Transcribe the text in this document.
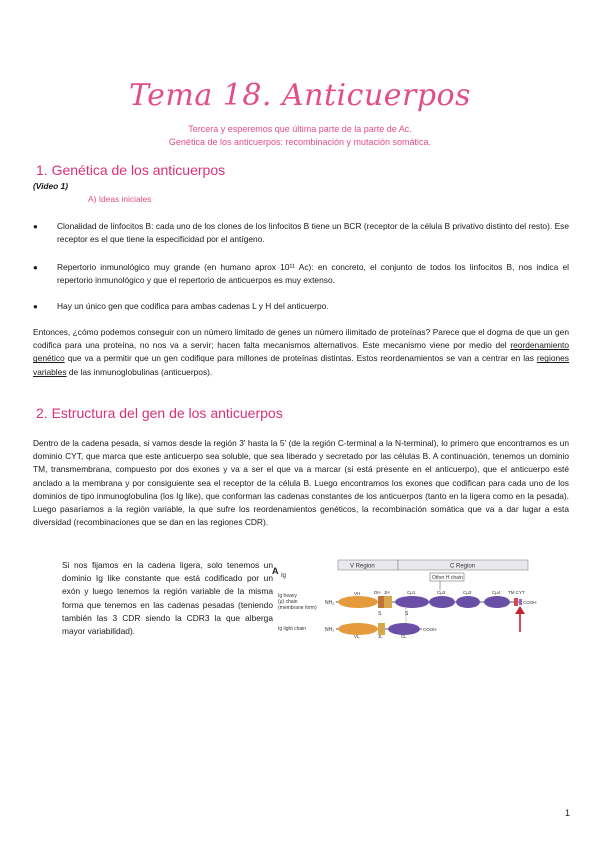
Tema 18. Anticuerpos
Tercera y esperemos que última parte de la parte de Ac.
Genética de los anticuerpos: recombinación y mutación somática.
1. Genética de los anticuerpos
(Video 1)
A) Ideas iniciales
● Clonalidad de linfocitos B: cada uno de los clones de los linfocitos B tiene un BCR (receptor de la célula B privativo distinto del resto). Ese receptor es el que tiene la especificidad por el antígeno.
● Repertorio inmunológico muy grande (en humano aprox 10¹¹ Ac): en concreto, el conjunto de todos los linfocitos B, nos indica el repertorio inmunológico y que el repertorio de anticuerpos es muy extenso.
● Hay un único gen que codifica para ambas cadenas L y H del anticuerpo.
Entonces, ¿cómo podemos conseguir con un número limitado de genes un número ilimitado de proteínas? Parece que el dogma de que un gen codifica para una proteína, no nos va a servir; hacen falta mecanismos alternativos. Este mecanismo viene por medio del reordenamiento genético que va a permitir que un gen codifique para millones de proteínas distintas. Estos reordenamientos se van a centrar en las regiones variables de las inmunoglobulinas (anticuerpos).
2. Estructura del gen de los anticuerpos
Dentro de la cadena pesada, si vamos desde la región 3' hasta la 5' (de la región C-terminal a la N-terminal), lo primero que encontramos es un dominio CYT, que marca que este anticuerpo sea soluble, que sea liberado y secretado por las células B. A continuación, tenemos un dominio TM, transmembrana, compuesto por dos exones y va a ser el que va a marcar (si está presente en el anticuerpo), que el anticuerpo esté anclado a la membrana y por consiguiente sea el receptor de la célula B. Luego encontramos los exones que codifican para cada uno de los dominios de tipo inmunoglobulina (los Ig like), que conforman las cadenas constantes de los anticuerpos (tanto en la ligera como en la pesada). Luego pasaríamos a la región variable, la que sufre los reordenamientos genéticos, la recombinación somática que va a dar lugar a esta diversidad (recombinaciones que se dan en las regiones CDR).
Si nos fijamos en la cadena ligera, solo tenemos un dominio Ig like constante que está codificado por un exón y luego tenemos la región variable de la misma forma que tenemos en las cadenas pesadas (teniendo también las 3 CDR siendo la CDR3 la que alberga mayor variabilidad).
A Ig
V Region	C Region
Other H chain
Ig heavy (μ) chain (membrane form)
NH₂	COOH
VH	DH JH	Cμ1	Cμ2	Cμ3	Cμ4 TM CYT
S	S
Ig light chain	NH₂	COOH
VL	JL	CL
1
